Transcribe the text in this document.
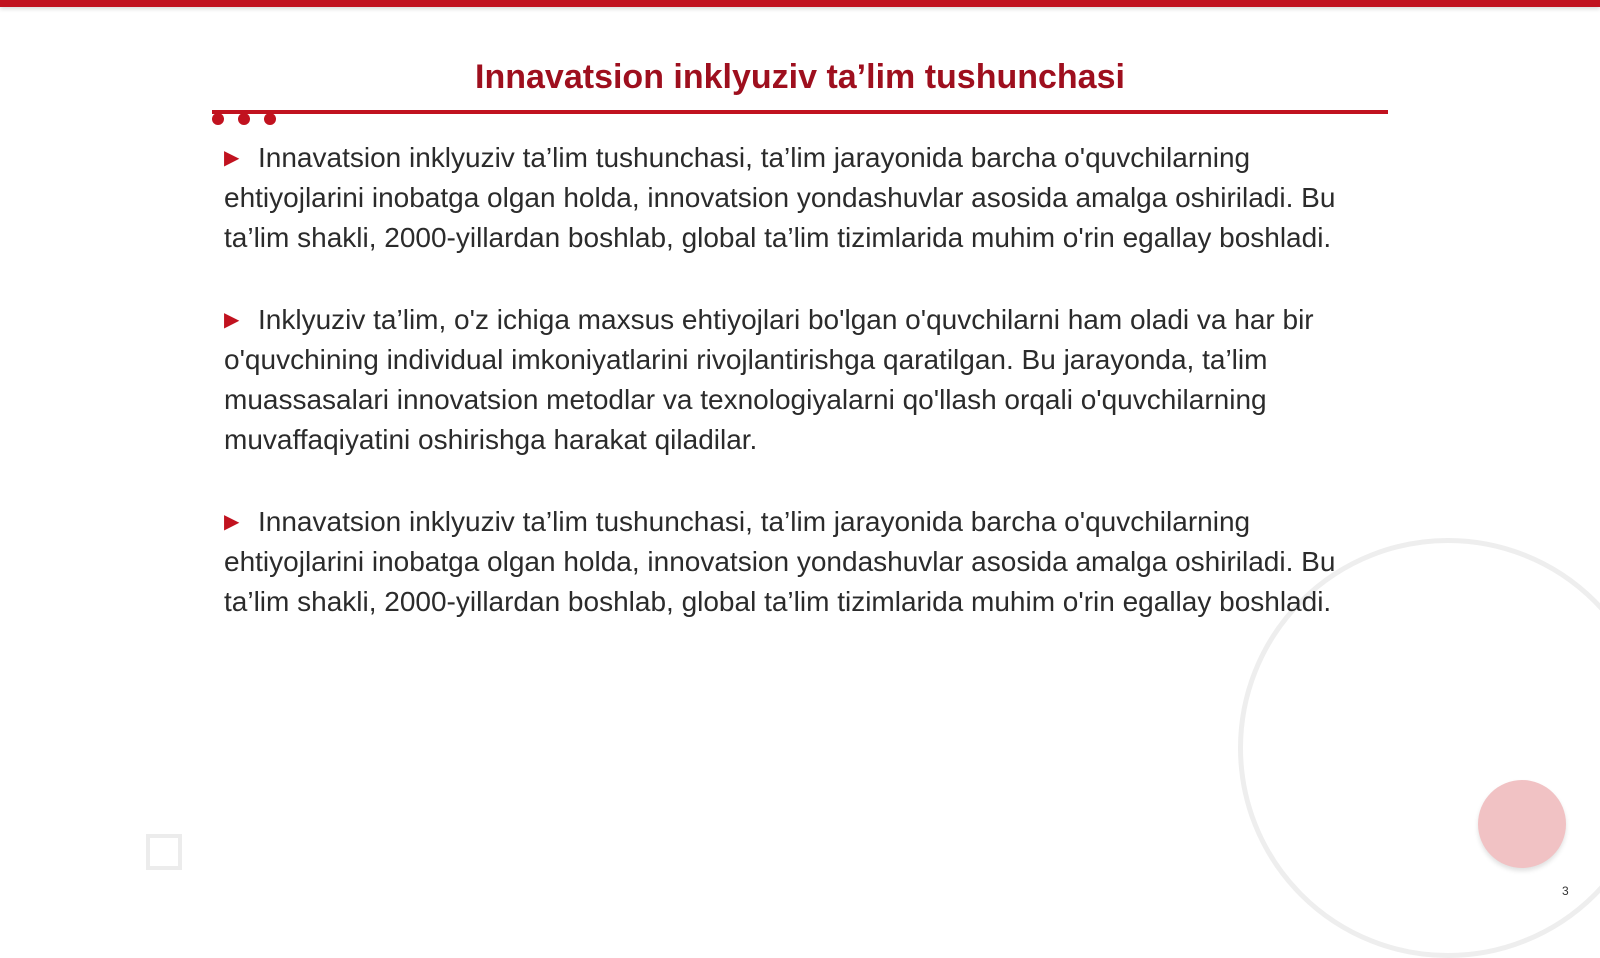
Innavatsion inklyuziv ta’lim tushunchasi

▶ Innavatsion inklyuziv ta’lim tushunchasi, ta’lim jarayonida barcha o'quvchilarning ehtiyojlarini inobatga olgan holda, innovatsion yondashuvlar asosida amalga oshiriladi. Bu ta’lim shakli, 2000-yillardan boshlab, global ta’lim tizimlarida muhim o'rin egallay boshladi.

▶ Inklyuziv ta’lim, o'z ichiga maxsus ehtiyojlari bo'lgan o'quvchilarni ham oladi va har bir o'quvchining individual imkoniyatlarini rivojlantirishga qaratilgan. Bu jarayonda, ta’lim muassasalari innovatsion metodlar va texnologiyalarni qo'llash orqali o'quvchilarning muvaffaqiyatini oshirishga harakat qiladilar.

▶ Innavatsion inklyuziv ta’lim tushunchasi, ta’lim jarayonida barcha o'quvchilarning ehtiyojlarini inobatga olgan holda, innovatsion yondashuvlar asosida amalga oshiriladi. Bu ta’lim shakli, 2000-yillardan boshlab, global ta’lim tizimlarida muhim o'rin egallay boshladi.

3
